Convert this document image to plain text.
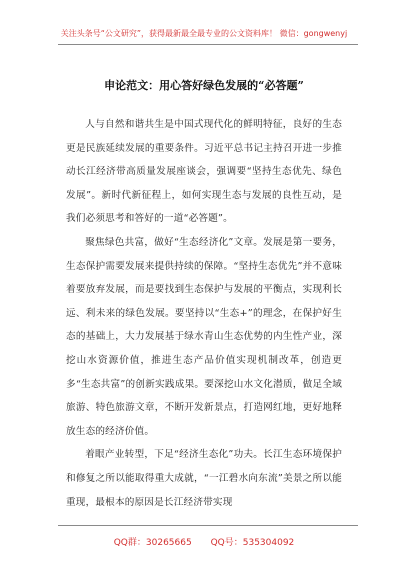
关注头条号“公文研究”，获得最新最全最专业的公文资料库！ 微信：gongwenyj
申论范文：用心答好绿色发展的“必答题”

人与自然和谐共生是中国式现代化的鲜明特征，良好的生态更是民族延续发展的重要条件。习近平总书记主持召开进一步推动长江经济带高质量发展座谈会，强调要“坚持生态优先、绿色发展”。新时代新征程上，如何实现生态与发展的良性互动，是我们必须思考和答好的一道“必答题”。

聚焦绿色共富，做好“生态经济化”文章。发展是第一要务，生态保护需要发展来提供持续的保障。“坚持生态优先”并不意味着要放弃发展，而是要找到生态保护与发展的平衡点，实现利长远、利未来的绿色发展。要坚持以“生态+”的理念，在保护好生态的基础上，大力发展基于绿水青山生态优势的内生性产业，深挖山水资源价值，推进生态产品价值实现机制改革，创造更多“生态共富”的创新实践成果。要深挖山水文化潜质，做足全域旅游、特色旅游文章，不断开发新景点，打造网红地，更好地释放生态的经济价值。

着眼产业转型，下足“经济生态化”功夫。长江生态环境保护和修复之所以能取得重大成就，“一江碧水向东流”美景之所以能重现，最根本的原因是长江经济带实现

QQ群：30265665 QQ号：535304092
